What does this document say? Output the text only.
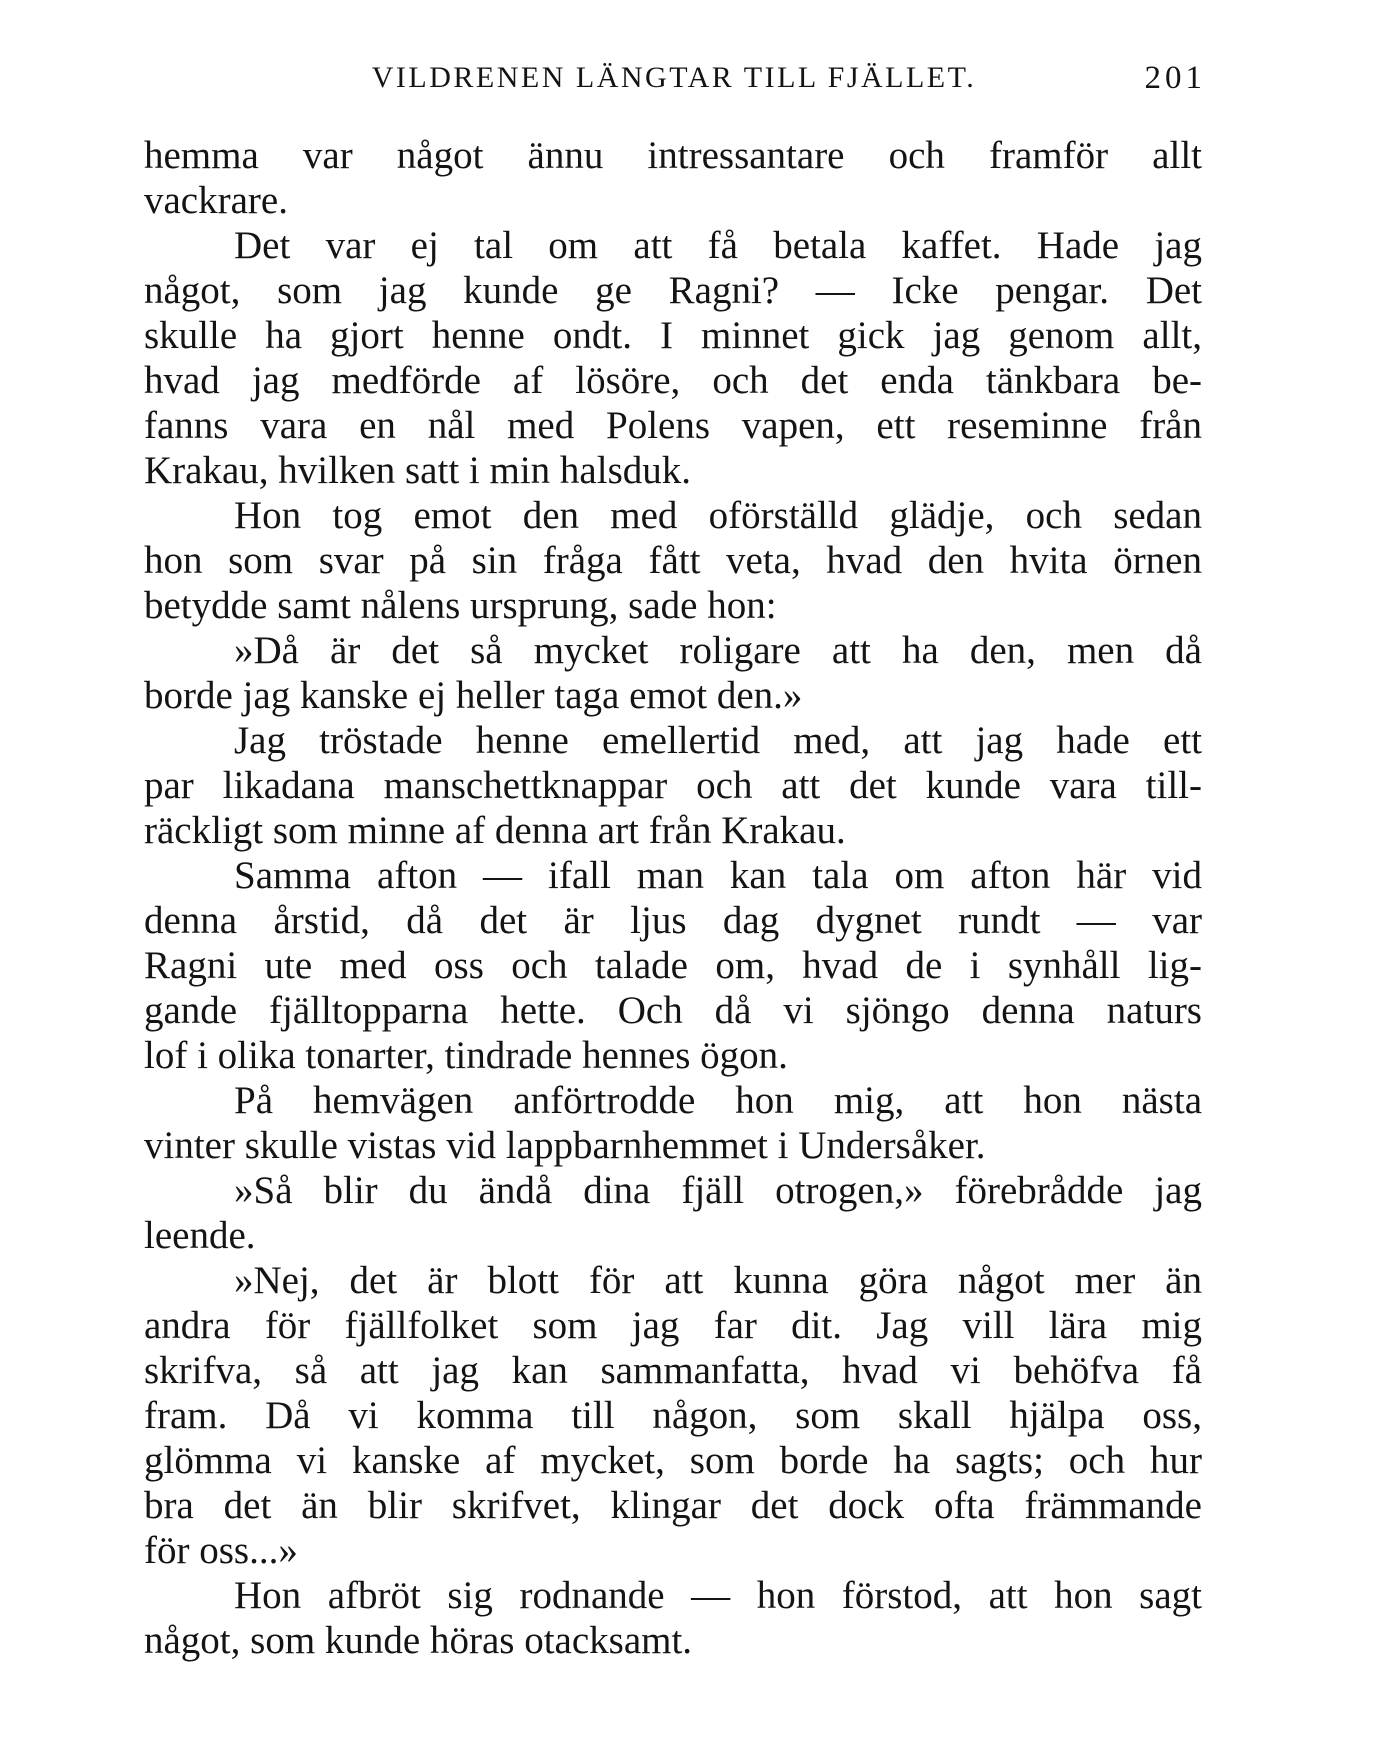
VILDRENEN LÄNGTAR TILL FJÄLLET.	201
hemma var något ännu intressantare och framför allt
vackrare.
Det var ej tal om att få betala kaffet. Hade jag
något, som jag kunde ge Ragni? — Icke pengar. Det
skulle ha gjort henne ondt. I minnet gick jag genom allt,
hvad jag medförde af lösöre, och det enda tänkbara be-
fanns vara en nål med Polens vapen, ett reseminne från
Krakau, hvilken satt i min halsduk.
Hon tog emot den med oförställd glädje, och sedan
hon som svar på sin fråga fått veta, hvad den hvita örnen
betydde samt nålens ursprung, sade hon:
»Då är det så mycket roligare att ha den, men då
borde jag kanske ej heller taga emot den.»
Jag tröstade henne emellertid med, att jag hade ett
par likadana manschettknappar och att det kunde vara till-
räckligt som minne af denna art från Krakau.
Samma afton — ifall man kan tala om afton här vid
denna årstid, då det är ljus dag dygnet rundt — var
Ragni ute med oss och talade om, hvad de i synhåll lig-
gande fjälltopparna hette. Och då vi sjöngo denna naturs
lof i olika tonarter, tindrade hennes ögon.
På hemvägen anförtrodde hon mig, att hon nästa
vinter skulle vistas vid lappbarnhemmet i Undersåker.
»Så blir du ändå dina fjäll otrogen,» förebrådde jag
leende.
»Nej, det är blott för att kunna göra något mer än
andra för fjällfolket som jag far dit. Jag vill lära mig
skrifva, så att jag kan sammanfatta, hvad vi behöfva få
fram. Då vi komma till någon, som skall hjälpa oss,
glömma vi kanske af mycket, som borde ha sagts; och hur
bra det än blir skrifvet, klingar det dock ofta främmande
för oss...»
Hon afbröt sig rodnande — hon förstod, att hon sagt
något, som kunde höras otacksamt.
